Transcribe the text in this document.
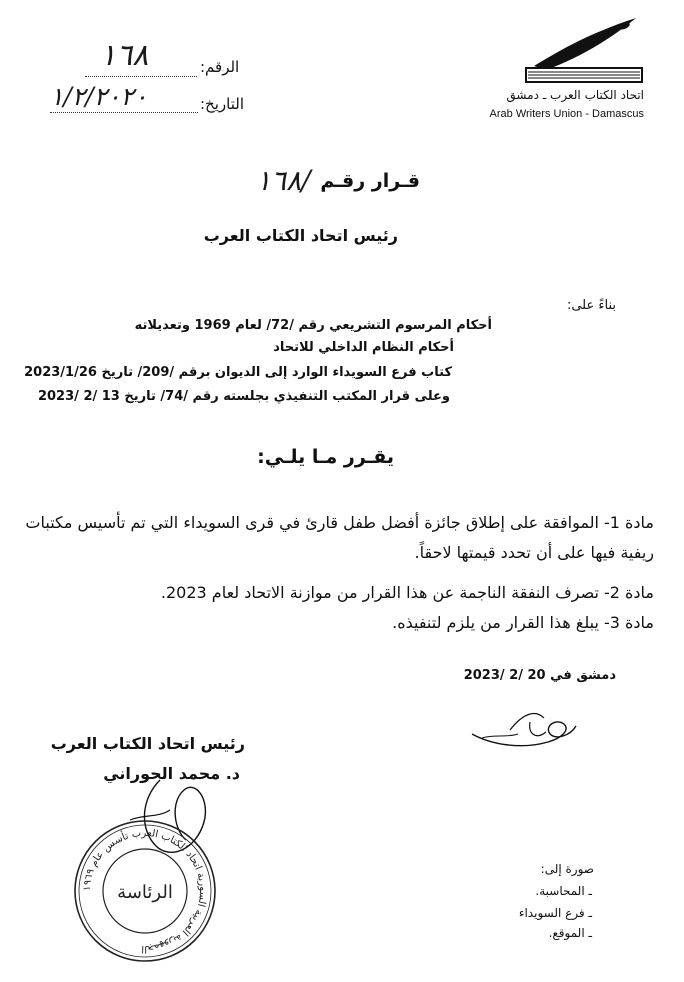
اتحاد الكتاب العرب ـ دمشق
Arab Writers Union - Damascus
الرقم:
١٦٨
التاريخ:
١/٢/٢٠٢٠
قـرار رقـم
١٦٨/
رئيس اتحاد الكتاب العرب
بناءً على:
أحكام المرسوم التشريعي رقم /72/ لعام 1969 وتعديلاته
أحكام النظام الداخلي للاتحاد
كتاب فرع السويداء الوارد إلى الديوان برقم /209/ تاريخ 2023/1/26
وعلى قرار المكتب التنفيذي بجلسته رقم /74/ تاريخ 13 /2 /2023
يقـرر مـا يلـي:
مادة 1- الموافقة على إطلاق جائزة أفضل طفل قارئ في قرى السويداء التي تم تأسيس مكتبات ريفية فيها على أن تحدد قيمتها لاحقاً.
مادة 2- تصرف النفقة الناجمة عن هذا القرار من موازنة الاتحاد لعام 2023.
مادة 3- يبلغ هذا القرار من يلزم لتنفيذه.
دمشق في 20 /2 /2023
رئيس اتحاد الكتاب العرب
د. محمد الحوراني
الجمهورية العربية السورية اتحاد الكتاب العرب تأسس عام ١٩٦٩
الرئاسة
صورة إلى:
ـ المحاسبة.
ـ فرع السويداء
ـ الموقع.
